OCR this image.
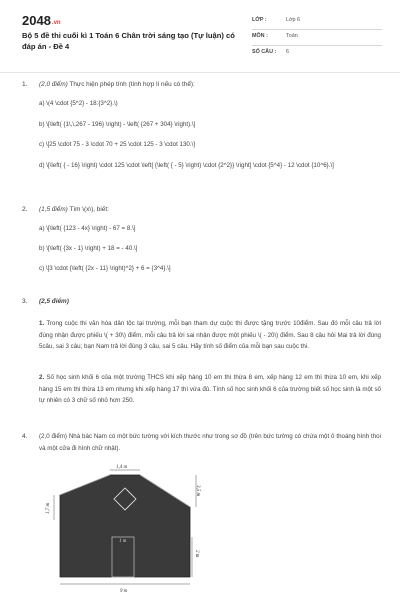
2048.vn
Bộ 5 đề thi cuối kì 1 Toán 6 Chân trời sáng tạo (Tự luận) có đáp án - Đề 4
LỚP :	Lớp 6
MÔN :	Toán
SỐ CÂU : 6
1. (2,0 điểm) Thực hiện phép tính (tính hợp lí nếu có thể):
a) \(4 \cdot {5^2} - 18:{3^2}.\)
b) \[\left( {1\,\,267 - 196} \right) - \left( {267 + 304} \right).\]
c) \[25 \cdot 75 - 3 \cdot 70 + 25 \cdot 125 - 3 \cdot 130.\]
d) \[\left( { - 16} \right) \cdot 125 \cdot \left[ {\left( { - 5} \right) \cdot {2^2}} \right] \cdot {5^4} - 12 \cdot {10^6}.\]
2. (1,5 điểm) Tìm \(x\), biết:
a) \[\left( {123 - 4x} \right) - 67 = 8.\]
b) \[\left( {3x - 1} \right) + 18 = - 40.\]
c) \[3 \cdot {\left( {2x - 11} \right)^2} + 6 = {3^4}.\]
3. (2,5 điểm)
1. Trong cuộc thi văn hóa dân tộc tại trường, mỗi bạn tham dự cuộc thi được tặng trước 10điểm. Sau đó mỗi câu trả lời đúng nhận được phiếu \( + 30\) điểm, mỗi câu trả lời sai nhận được một phiếu \( - 20\) điểm. Sau 8 câu hỏi Mai trả lời đúng 5câu, sai 3 câu; bạn Nam trả lời đúng 3 câu, sai 5 câu. Hãy tính số điểm của mỗi bạn sau cuộc thi.
2. Số học sinh khối 6 của một trường THCS khi xếp hàng 10 em thì thừa 8 em, xếp hàng 12 em thì thừa 10 em, khi xếp hàng 15 em thì thừa 13 em nhưng khi xếp hàng 17 thì vừa đủ. Tính số học sinh khối 6 của trường biết số học sinh là một số tự nhiên có 3 chữ số nhỏ hơn 250.
4. (2,0 điểm) Nhà bác Nam có một bức tường với kích thước như trong sơ đồ (trên bức tường có chứa một ô thoáng hình thoi và một cửa đi hình chữ nhật).
1,4 m
1,7 m
3,5 m
1 m
2 m
9 m
